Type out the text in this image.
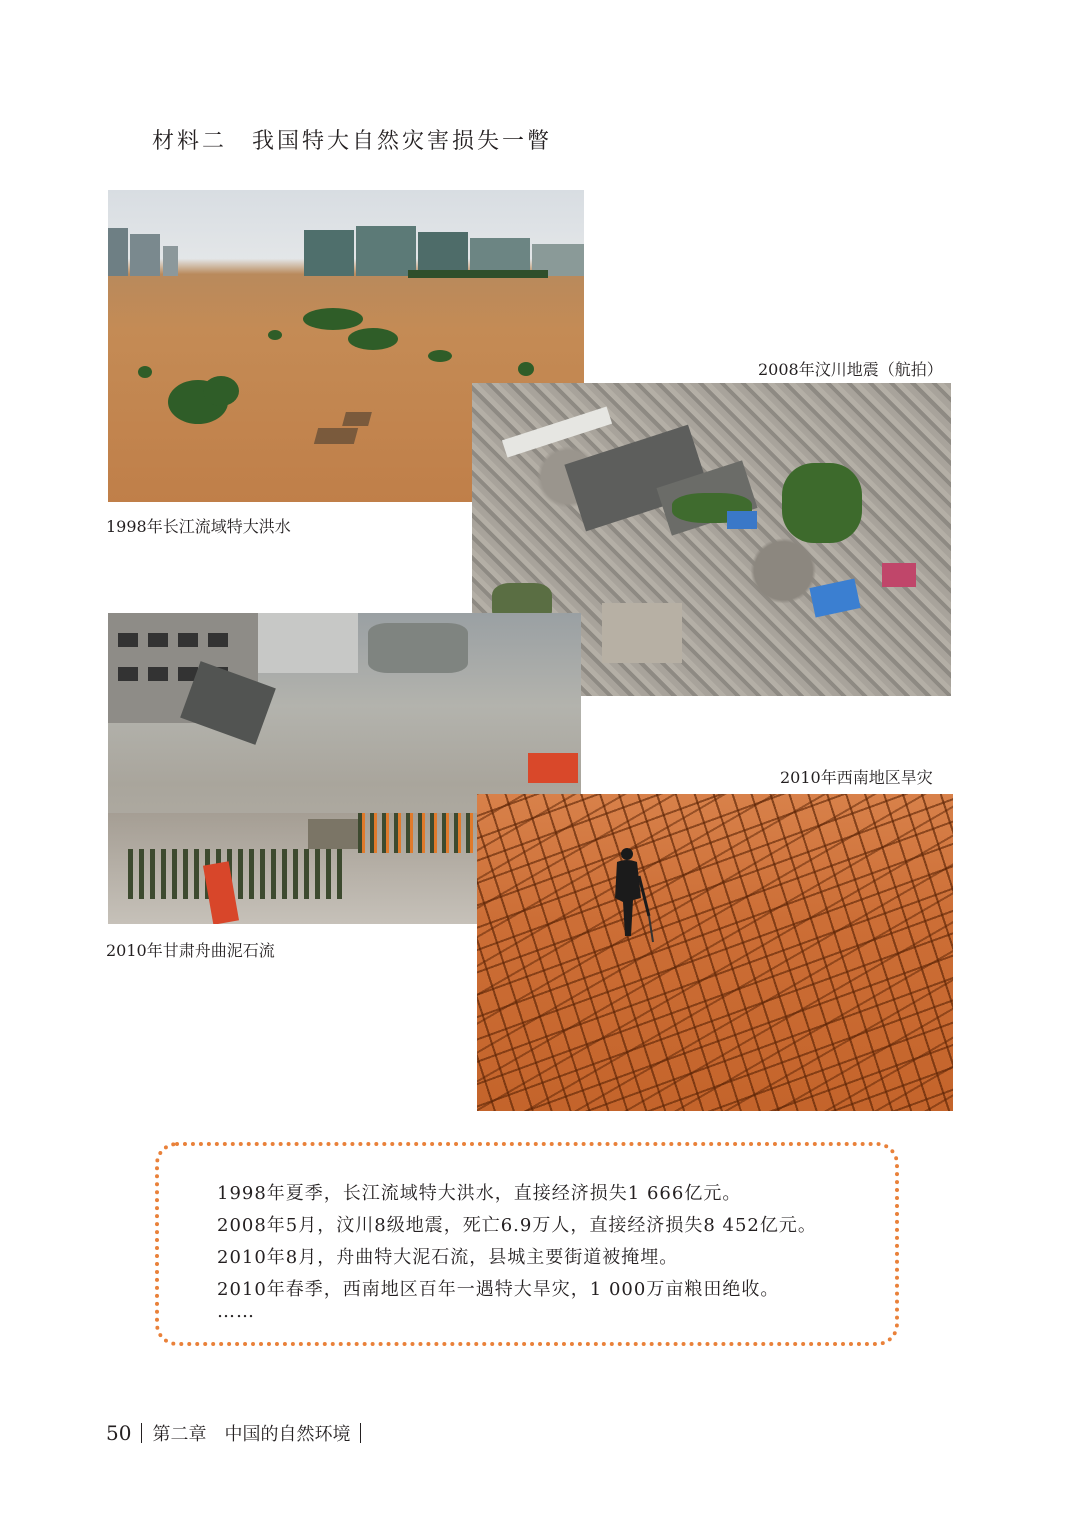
材料二　我国特大自然灾害损失一瞥
1998年长江流域特大洪水
2008年汶川地震（航拍）
2010年甘肃舟曲泥石流
2010年西南地区旱灾
1998年夏季，长江流域特大洪水，直接经济损失1 666亿元。
2008年5月，汶川8级地震，死亡6.9万人，直接经济损失8 452亿元。
2010年8月，舟曲特大泥石流，县城主要街道被掩埋。
2010年春季，西南地区百年一遇特大旱灾，1 000万亩粮田绝收。
……
50 第二章　中国的自然环境
